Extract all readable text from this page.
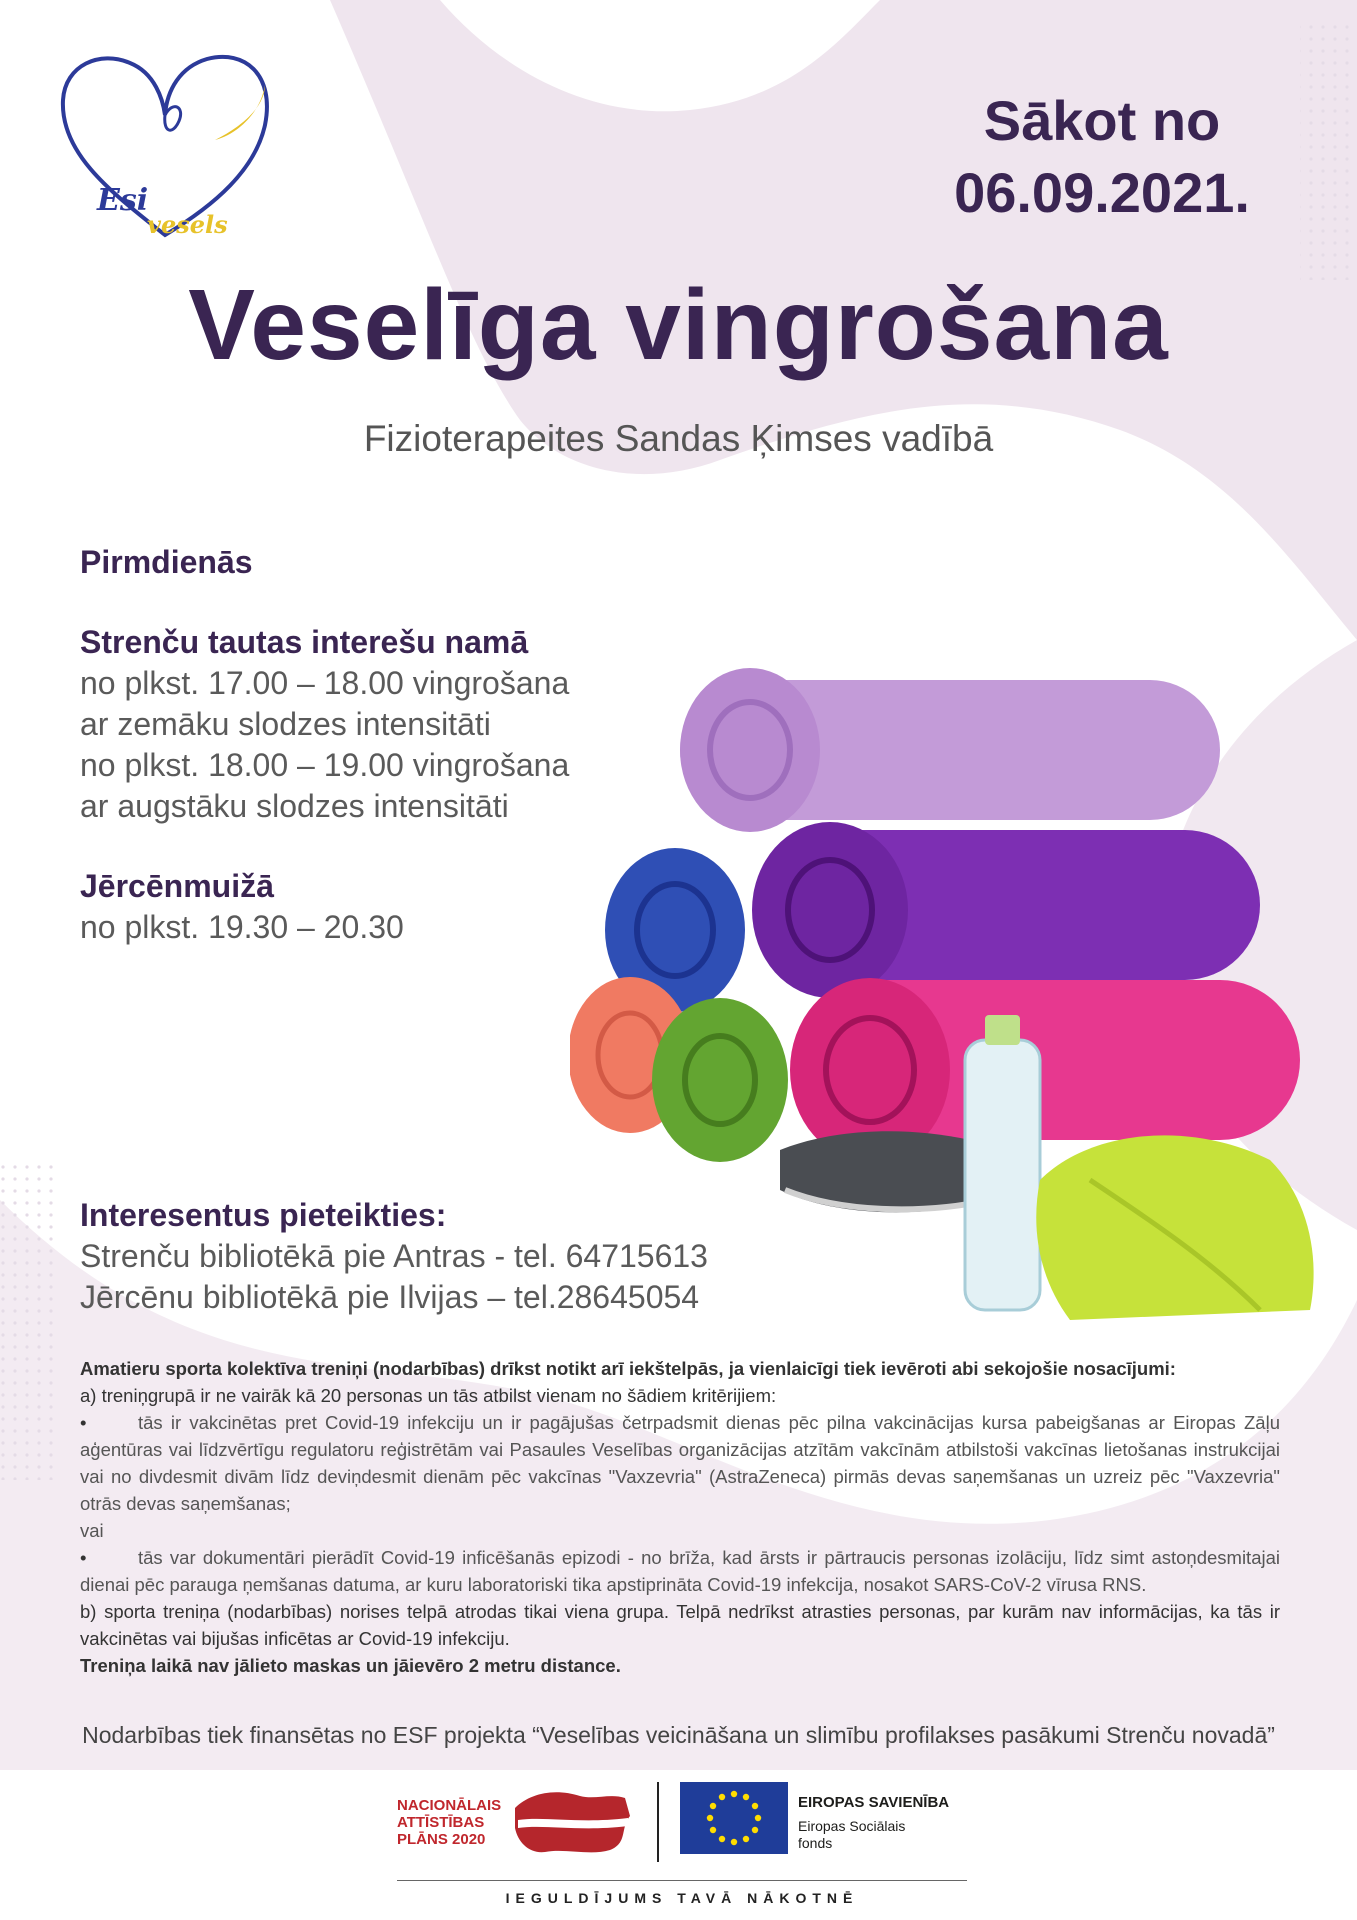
Esi
vesels
Sākot no
06.09.2021.
Veselīga vingrošana
Fizioterapeites Sandas Ķimses vadībā
Pirmdienās
Strenču tautas interešu namā
no plkst. 17.00 – 18.00 vingrošana
ar zemāku slodzes intensitāti
no plkst. 18.00 – 19.00 vingrošana
ar augstāku slodzes intensitāti
Jērcēnmuižā
no plkst. 19.30 – 20.30
Interesentus pieteikties:
Strenču bibliotēkā pie Antras - tel. 64715613
Jērcēnu bibliotēkā pie Ilvijas – tel.28645054
Amatieru sporta kolektīva treniņi (nodarbības) drīkst notikt arī iekštelpās, ja vienlaicīgi tiek ievēroti abi sekojošie nosacījumi:
a) treniņgrupā ir ne vairāk kā 20 personas un tās atbilst vienam no šādiem kritērijiem:
•	tās ir vakcinētas pret Covid-19 infekciju un ir pagājušas četrpadsmit dienas pēc pilna vakcinācijas kursa pabeigšanas ar Eiropas Zāļu aģentūras vai līdzvērtīgu regulatoru reģistrētām vai Pasaules Veselības organizācijas atzītām vakcīnām atbilstoši vakcīnas lietošanas instrukcijai vai no divdesmit divām līdz deviņdesmit dienām pēc vakcīnas "Vaxzevria" (AstraZeneca) pirmās devas saņemšanas un uzreiz pēc "Vaxzevria" otrās devas saņemšanas;
vai
•	tās var dokumentāri pierādīt Covid-19 inficēšanās epizodi - no brīža, kad ārsts ir pārtraucis personas izolāciju, līdz simt astoņdesmitajai dienai pēc parauga ņemšanas datuma, ar kuru laboratoriski tika apstiprināta Covid-19 infekcija, nosakot SARS-CoV-2 vīrusa RNS.
b) sporta treniņa (nodarbības) norises telpā atrodas tikai viena grupa. Telpā nedrīkst atrasties personas, par kurām nav informācijas, ka tās ir vakcinētas vai bijušas inficētas ar Covid-19 infekciju.
Treniņa laikā nav jālieto maskas un jāievēro 2 metru distance.
Nodarbības tiek finansētas no ESF projekta “Veselības veicināšana un slimību profilakses pasākumi Strenču novadā”
NACIONĀLAIS
ATTĪSTĪBAS
PLĀNS 2020
EIROPAS SAVIENĪBA
Eiropas Sociālais
fonds
IEGULDĪJUMS TAVĀ NĀKOTNĒ
